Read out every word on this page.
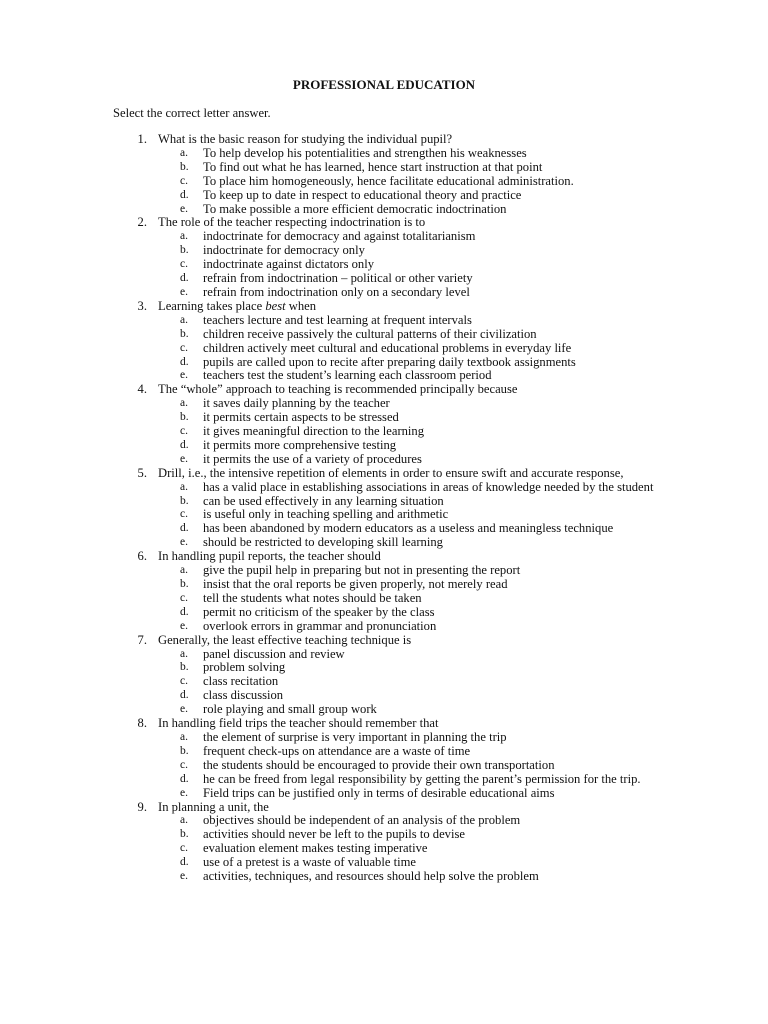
PROFESSIONAL EDUCATION
Select the correct letter answer.
1. What is the basic reason for studying the individual pupil?
a. To help develop his potentialities and strengthen his weaknesses
b. To find out what he has learned, hence start instruction at that point
c. To place him homogeneously, hence facilitate educational administration.
d. To keep up to date in respect to educational theory and practice
e. To make possible a more efficient democratic indoctrination
2. The role of the teacher respecting indoctrination is to
a. indoctrinate for democracy and against totalitarianism
b. indoctrinate for democracy only
c. indoctrinate against dictators only
d. refrain from indoctrination – political or other variety
e. refrain from indoctrination only on a secondary level
3. Learning takes place best when
a. teachers lecture and test learning at frequent intervals
b. children receive passively the cultural patterns of their civilization
c. children actively meet cultural and educational problems in everyday life
d. pupils are called upon to recite after preparing daily textbook assignments
e. teachers test the student’s learning each classroom period
4. The “whole” approach to teaching is recommended principally because
a. it saves daily planning by the teacher
b. it permits certain aspects to be stressed
c. it gives meaningful direction to the learning
d. it permits more comprehensive testing
e. it permits the use of a variety of procedures
5. Drill, i.e., the intensive repetition of elements in order to ensure swift and accurate response,
a. has a valid place in establishing associations in areas of knowledge needed by the student
b. can be used effectively in any learning situation
c. is useful only in teaching spelling and arithmetic
d. has been abandoned by modern educators as a useless and meaningless technique
e. should be restricted to developing skill learning
6. In handling pupil reports, the teacher should
a. give the pupil help in preparing but not in presenting the report
b. insist that the oral reports be given properly, not merely read
c. tell the students what notes should be taken
d. permit no criticism of the speaker by the class
e. overlook errors in grammar and pronunciation
7. Generally, the least effective teaching technique is
a. panel discussion and review
b. problem solving
c. class recitation
d. class discussion
e. role playing and small group work
8. In handling field trips the teacher should remember that
a. the element of surprise is very important in planning the trip
b. frequent check-ups on attendance are a waste of time
c. the students should be encouraged to provide their own transportation
d. he can be freed from legal responsibility by getting the parent’s permission for the trip.
e. Field trips can be justified only in terms of desirable educational aims
9. In planning a unit, the
a. objectives should be independent of an analysis of the problem
b. activities should never be left to the pupils to devise
c. evaluation element makes testing imperative
d. use of a pretest is a waste of valuable time
e. activities, techniques, and resources should help solve the problem
